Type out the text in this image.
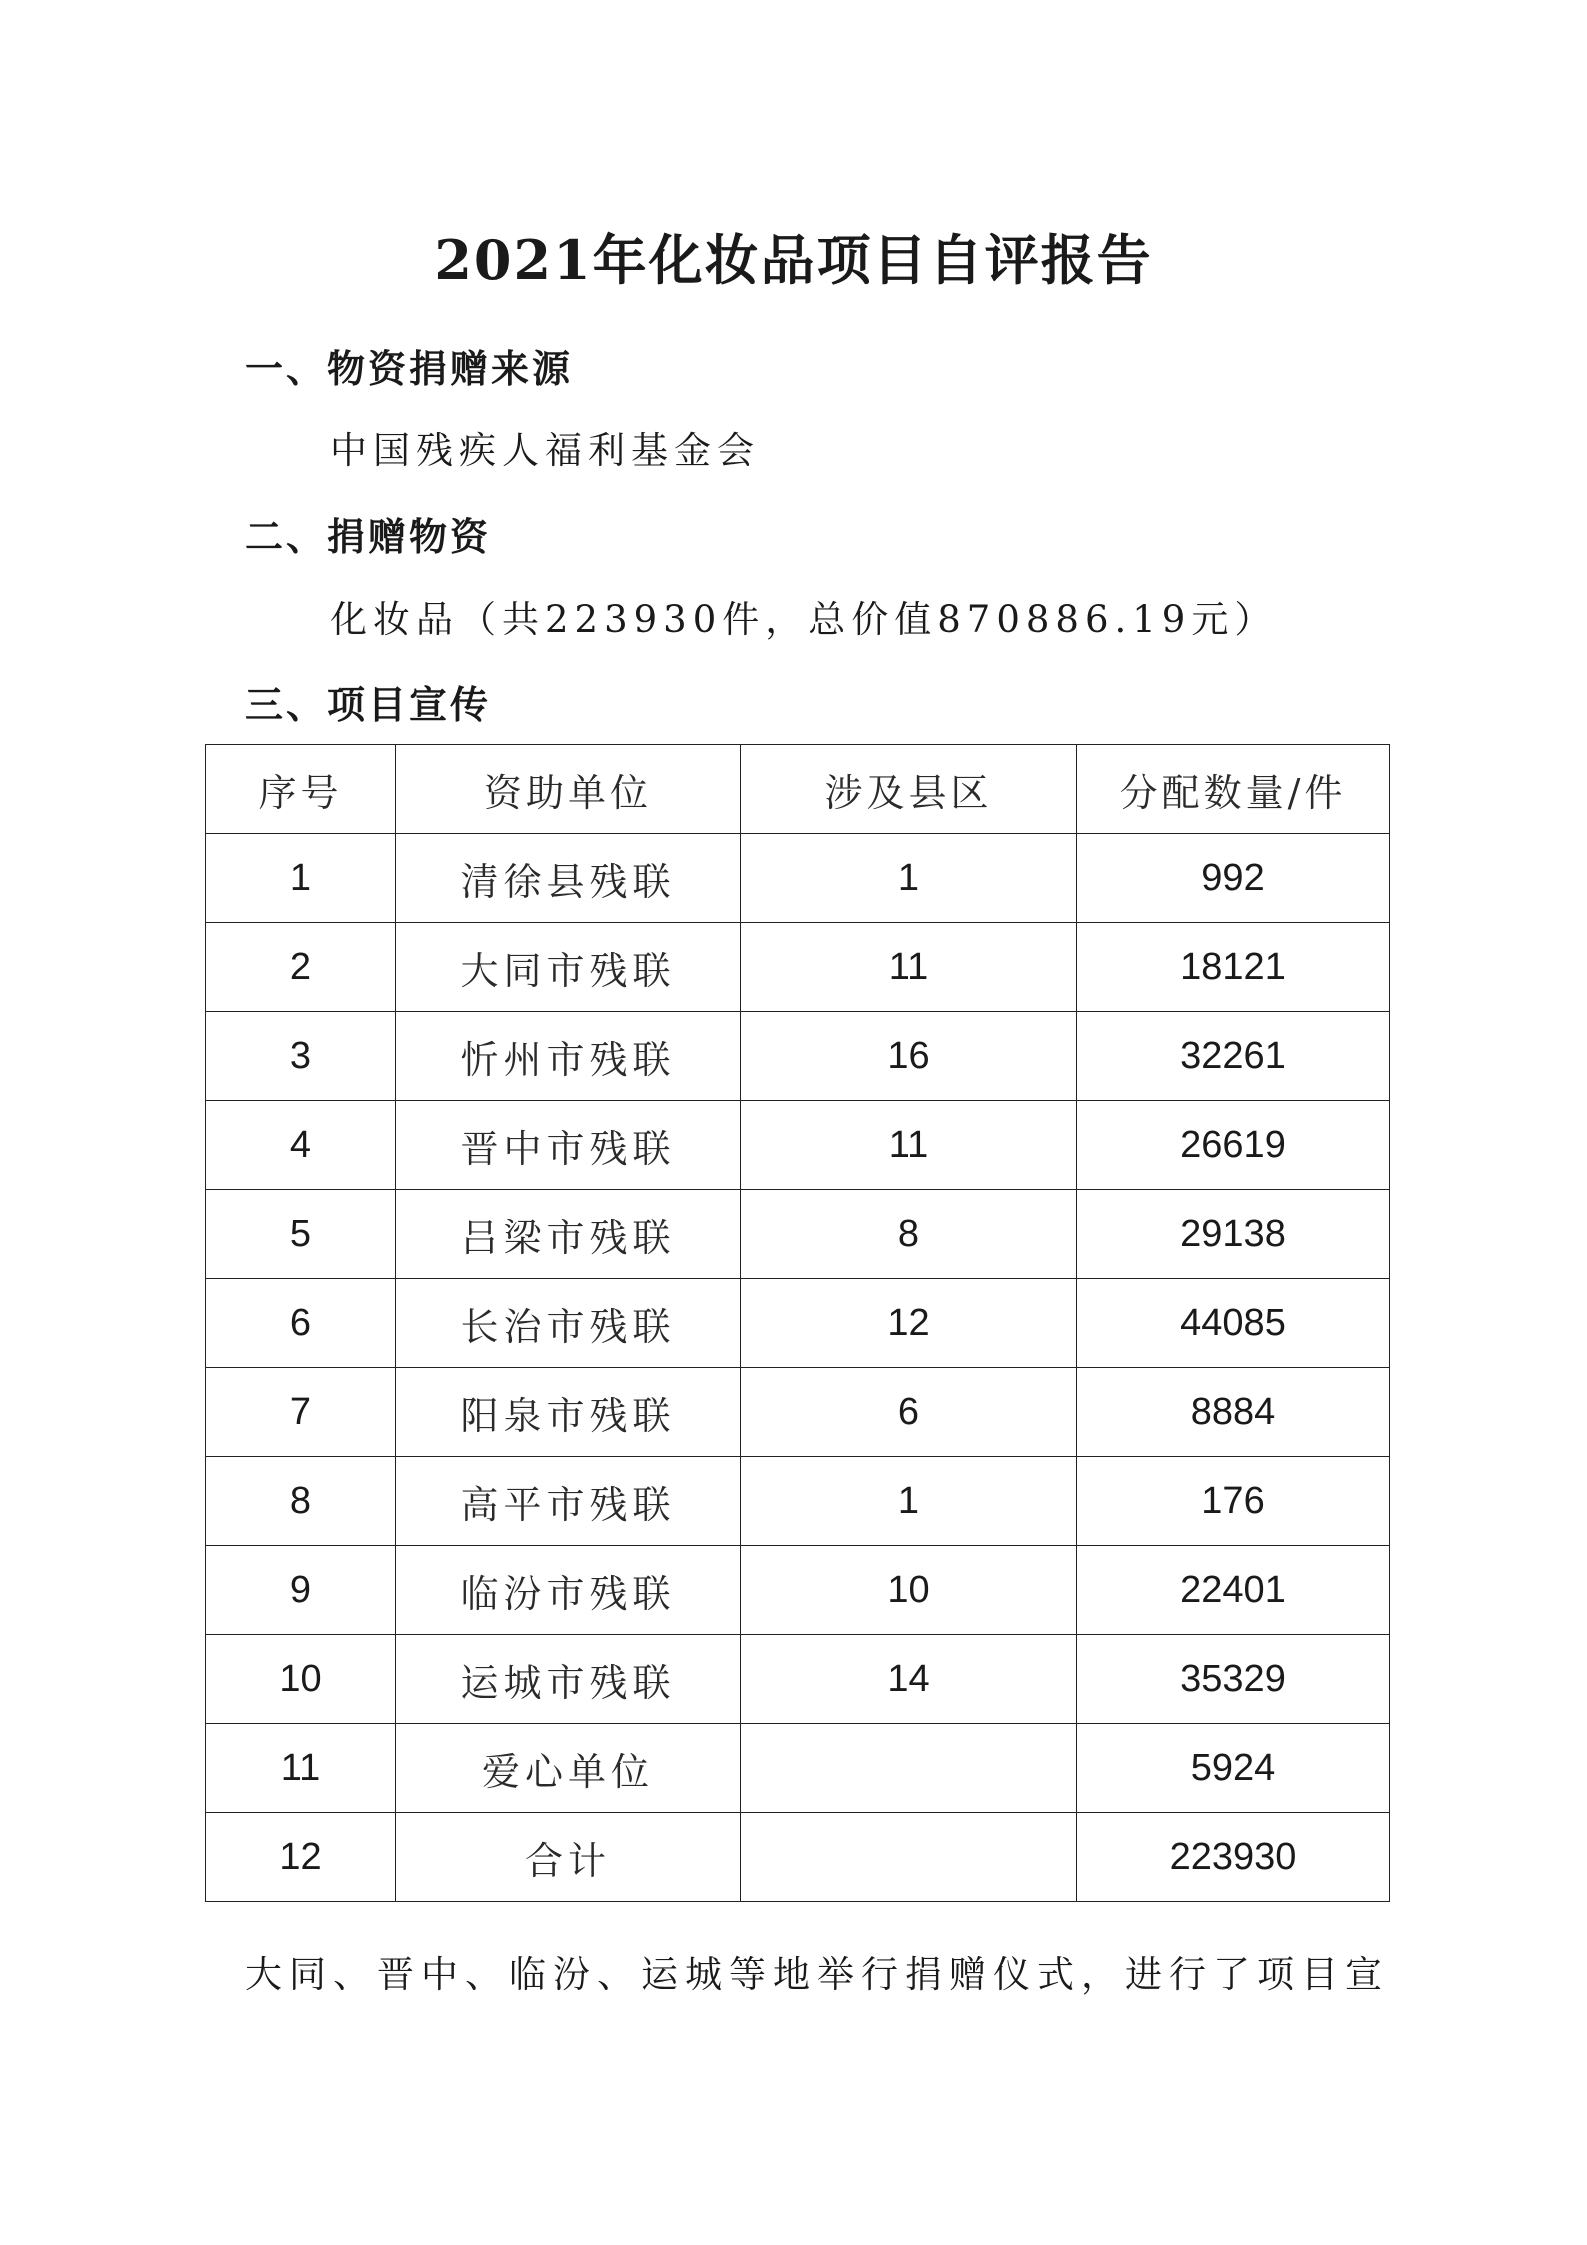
2021年化妆品项目自评报告
一、物资捐赠来源
中国残疾人福利基金会
二、捐赠物资
化妆品（共223930件，总价值870886.19元）
三、项目宣传
序号	资助单位	涉及县区	分配数量/件
1	清徐县残联	1	992
2	大同市残联	11	18121
3	忻州市残联	16	32261
4	晋中市残联	11	26619
5	吕梁市残联	8	29138
6	长治市残联	12	44085
7	阳泉市残联	6	8884
8	高平市残联	1	176
9	临汾市残联	10	22401
10	运城市残联	14	35329
11	爱心单位		5924
12	合计		223930
大同、晋中、临汾、运城等地举行捐赠仪式，进行了项目宣
